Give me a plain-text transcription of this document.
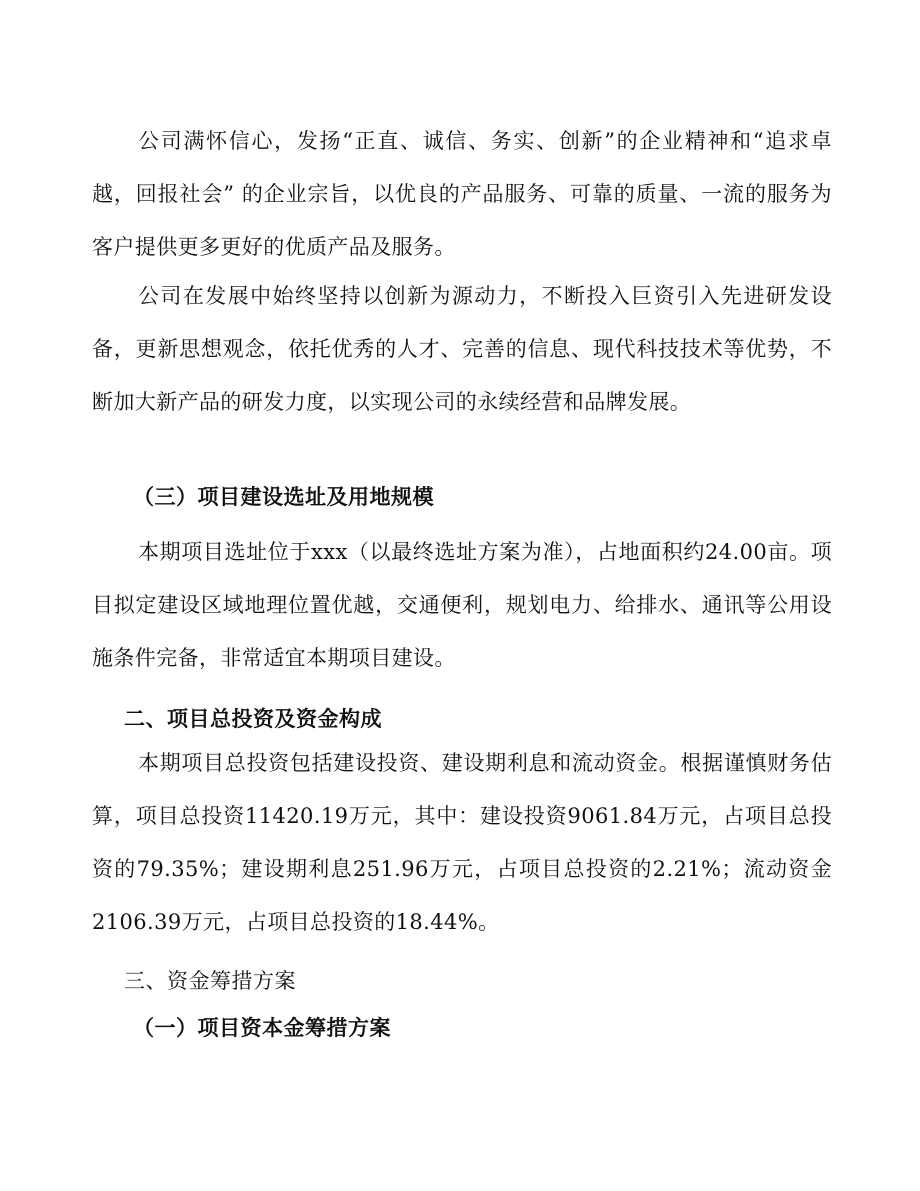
公司满怀信心，发扬“正直、诚信、务实、创新”的企业精神和“追求卓越，回报社会” 的企业宗旨，以优良的产品服务、可靠的质量、一流的服务为客户提供更多更好的优质产品及服务。

公司在发展中始终坚持以创新为源动力，不断投入巨资引入先进研发设备，更新思想观念，依托优秀的人才、完善的信息、现代科技技术等优势，不断加大新产品的研发力度，以实现公司的永续经营和品牌发展。

（三）项目建设选址及用地规模

本期项目选址位于xxx（以最终选址方案为准），占地面积约24.00亩。项目拟定建设区域地理位置优越，交通便利，规划电力、给排水、通讯等公用设施条件完备，非常适宜本期项目建设。

二、项目总投资及资金构成

本期项目总投资包括建设投资、建设期利息和流动资金。根据谨慎财务估算，项目总投资11420.19万元，其中：建设投资9061.84万元，占项目总投资的79.35%；建设期利息251.96万元，占项目总投资的2.21%；流动资金2106.39万元，占项目总投资的18.44%。

三、资金筹措方案
（一）项目资本金筹措方案
